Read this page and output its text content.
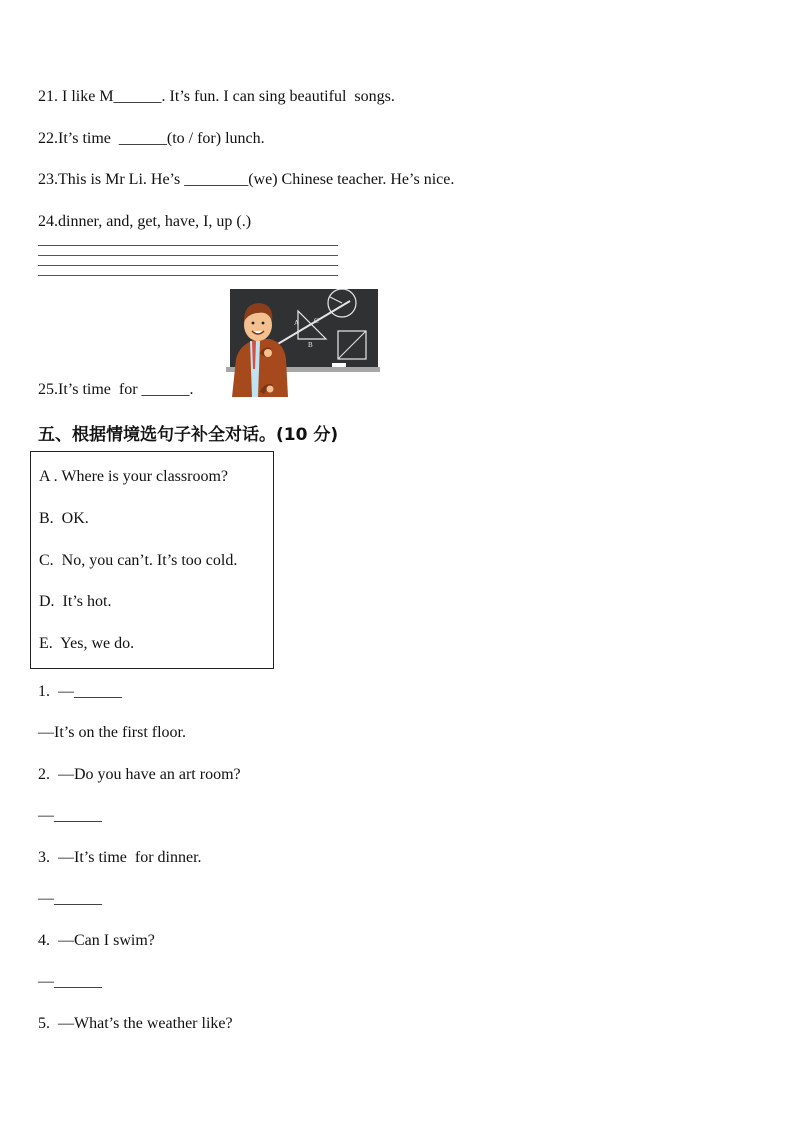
21. I like M______. It’s fun. I can sing beautiful  songs.
22.It’s time  ______(to / for) lunch.
23.This is Mr Li. He’s ________(we) Chinese teacher. He’s nice.
24.dinner, and, get, have, I, up (.)
A
B
25.It’s time  for ______.
五、根据情境选句子补全对话。(10 分)
A . Where is your classroom?
B.  OK.
C.  No, you can’t. It’s too cold.
D.  It’s hot.
E.  Yes, we do.
1.  —______
—It’s on the first floor.
2.  —Do you have an art room?
—______
3.  —It’s time  for dinner.
—______
4.  —Can I swim?
—______
5.  —What’s the weather like?
